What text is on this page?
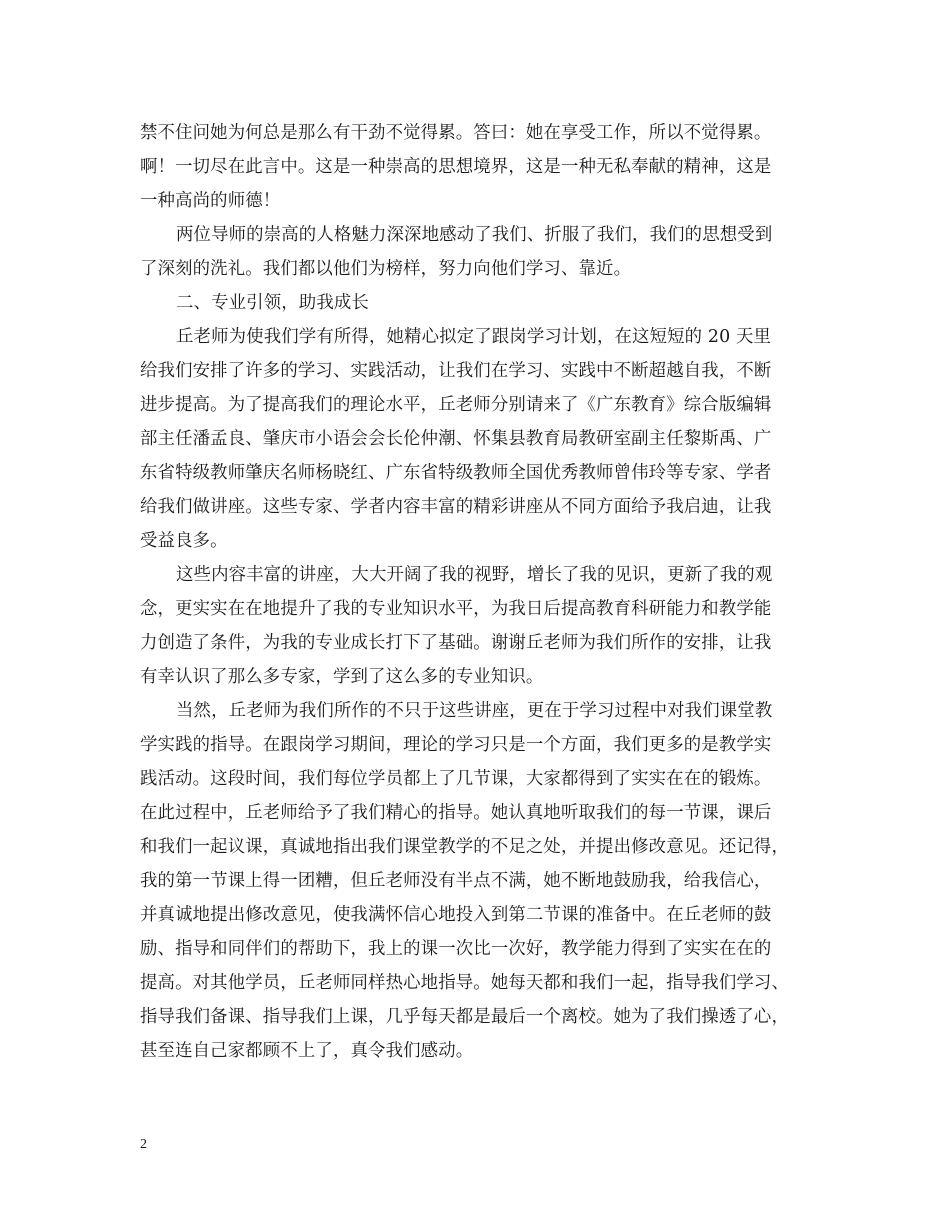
禁不住问她为何总是那么有干劲不觉得累。答曰：她在享受工作，所以不觉得累。
啊！一切尽在此言中。这是一种崇高的思想境界，这是一种无私奉献的精神，这是
一种高尚的师德！
两位导师的崇高的人格魅力深深地感动了我们、折服了我们，我们的思想受到
了深刻的洗礼。我们都以他们为榜样，努力向他们学习、靠近。
二、专业引领，助我成长
丘老师为使我们学有所得，她精心拟定了跟岗学习计划，在这短短的 20 天里
给我们安排了许多的学习、实践活动，让我们在学习、实践中不断超越自我，不断
进步提高。为了提高我们的理论水平，丘老师分别请来了《广东教育》综合版编辑
部主任潘孟良、肇庆市小语会会长伦仲潮、怀集县教育局教研室副主任黎斯禹、广
东省特级教师肇庆名师杨晓红、广东省特级教师全国优秀教师曾伟玲等专家、学者
给我们做讲座。这些专家、学者内容丰富的精彩讲座从不同方面给予我启迪，让我
受益良多。
这些内容丰富的讲座，大大开阔了我的视野，增长了我的见识，更新了我的观
念，更实实在在地提升了我的专业知识水平，为我日后提高教育科研能力和教学能
力创造了条件，为我的专业成长打下了基础。谢谢丘老师为我们所作的安排，让我
有幸认识了那么多专家，学到了这么多的专业知识。
当然，丘老师为我们所作的不只于这些讲座，更在于学习过程中对我们课堂教
学实践的指导。在跟岗学习期间，理论的学习只是一个方面，我们更多的是教学实
践活动。这段时间，我们每位学员都上了几节课，大家都得到了实实在在的锻炼。
在此过程中，丘老师给予了我们精心的指导。她认真地听取我们的每一节课，课后
和我们一起议课，真诚地指出我们课堂教学的不足之处，并提出修改意见。还记得，
我的第一节课上得一团糟，但丘老师没有半点不满，她不断地鼓励我，给我信心，
并真诚地提出修改意见，使我满怀信心地投入到第二节课的准备中。在丘老师的鼓
励、指导和同伴们的帮助下，我上的课一次比一次好，教学能力得到了实实在在的
提高。对其他学员，丘老师同样热心地指导。她每天都和我们一起，指导我们学习、
指导我们备课、指导我们上课，几乎每天都是最后一个离校。她为了我们操透了心，
甚至连自己家都顾不上了，真令我们感动。
2
